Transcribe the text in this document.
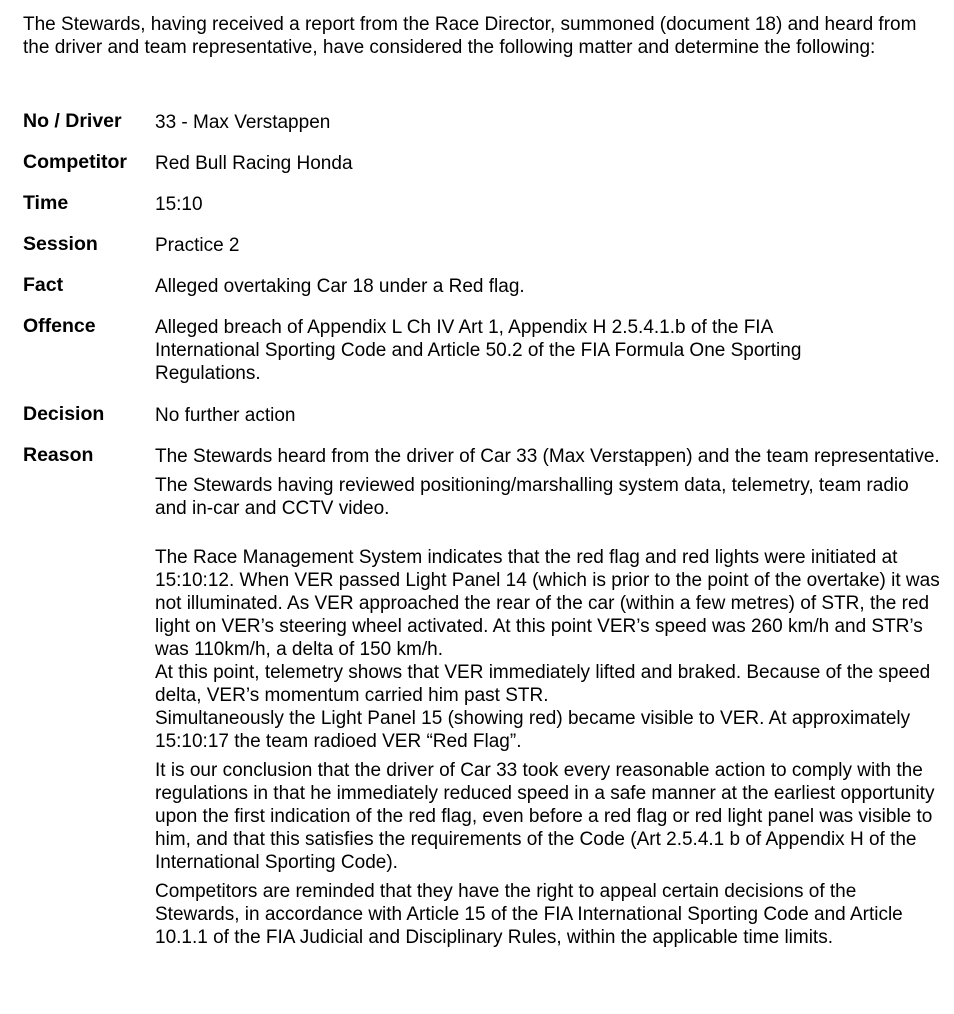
The Stewards, having received a report from the Race Director, summoned (document 18) and heard from the driver and team representative, have considered the following matter and determine the following:

No / Driver	33 - Max Verstappen
Competitor	Red Bull Racing Honda
Time	15:10
Session	Practice 2
Fact	Alleged overtaking Car 18 under a Red flag.
Offence	Alleged breach of Appendix L Ch IV Art 1, Appendix H 2.5.4.1.b of the FIA International Sporting Code and Article 50.2 of the FIA Formula One Sporting Regulations.
Decision	No further action
Reason	The Stewards heard from the driver of Car 33 (Max Verstappen) and the team representative.

The Stewards having reviewed positioning/marshalling system data, telemetry, team radio and in-car and CCTV video.

The Race Management System indicates that the red flag and red lights were initiated at 15:10:12. When VER passed Light Panel 14 (which is prior to the point of the overtake) it was not illuminated. As VER approached the rear of the car (within a few metres) of STR, the red light on VER’s steering wheel activated. At this point VER’s speed was 260 km/h and STR’s was 110km/h, a delta of 150 km/h.

At this point, telemetry shows that VER immediately lifted and braked. Because of the speed delta, VER’s momentum carried him past STR.

Simultaneously the Light Panel 15 (showing red) became visible to VER. At approximately 15:10:17 the team radioed VER “Red Flag”.

It is our conclusion that the driver of Car 33 took every reasonable action to comply with the regulations in that he immediately reduced speed in a safe manner at the earliest opportunity upon the first indication of the red flag, even before a red flag or red light panel was visible to him, and that this satisfies the requirements of the Code (Art 2.5.4.1 b of Appendix H of the International Sporting Code).

Competitors are reminded that they have the right to appeal certain decisions of the Stewards, in accordance with Article 15 of the FIA International Sporting Code and Article 10.1.1 of the FIA Judicial and Disciplinary Rules, within the applicable time limits.
